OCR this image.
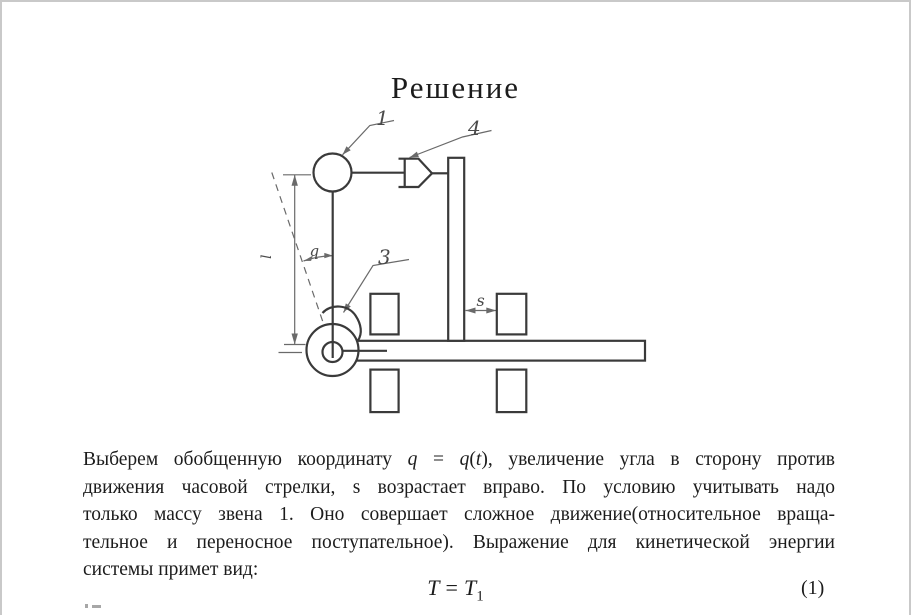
Решение
1	4
3
q
s
l
Выберем обобщенную координату q = q(t), увеличение угла в сторону против
движения часовой стрелки, s возрастает вправо. По условию учитывать надо
только массу звена 1. Оно совершает сложное движение(относительное враща-
тельное и переносное поступательное). Выражение для кинетической энергии
системы примет вид:
$T = T_1$	(1)
